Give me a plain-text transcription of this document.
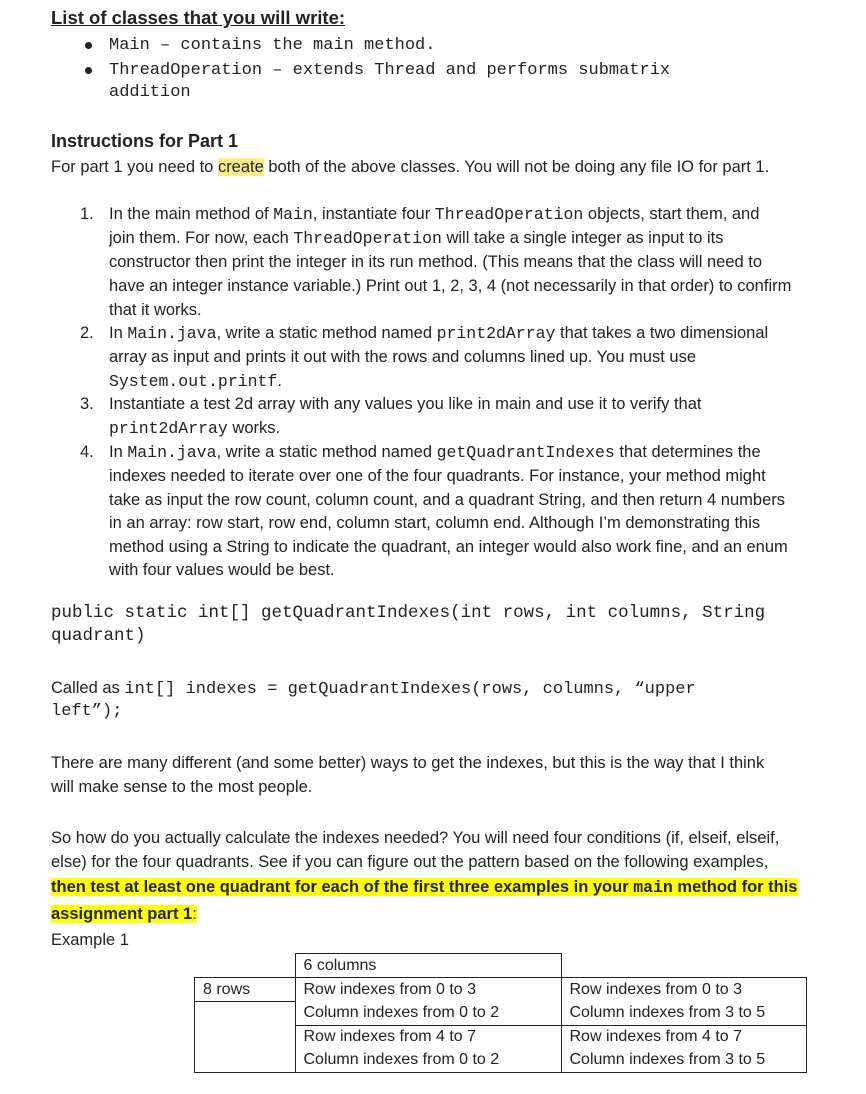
List of classes that you will write:
Main – contains the main method.
ThreadOperation – extends Thread and performs submatrix
addition
Instructions for Part 1
For part 1 you need to create both of the above classes. You will not be doing any file IO for part 1.
1. In the main method of Main, instantiate four ThreadOperation objects, start them, and
join them. For now, each ThreadOperation will take a single integer as input to its
constructor then print the integer in its run method. (This means that the class will need to
have an integer instance variable.) Print out 1, 2, 3, 4 (not necessarily in that order) to confirm
that it works.
2. In Main.java, write a static method named print2dArray that takes a two dimensional
array as input and prints it out with the rows and columns lined up. You must use
System.out.printf.
3. Instantiate a test 2d array with any values you like in main and use it to verify that
print2dArray works.
4. In Main.java, write a static method named getQuadrantIndexes that determines the
indexes needed to iterate over one of the four quadrants. For instance, your method might
take as input the row count, column count, and a quadrant String, and then return 4 numbers
in an array: row start, row end, column start, column end. Although I’m demonstrating this
method using a String to indicate the quadrant, an integer would also work fine, and an enum
with four values would be best.
public static int[] getQuadrantIndexes(int rows, int columns, String
quadrant)
Called as int[] indexes = getQuadrantIndexes(rows, columns, “upper
left”);
There are many different (and some better) ways to get the indexes, but this is the way that I think
will make sense to the most people.
So how do you actually calculate the indexes needed? You will need four conditions (if, elseif, elseif,
else) for the four quadrants. See if you can figure out the pattern based on the following examples,
then test at least one quadrant for each of the first three examples in your main method for this
assignment part 1:
Example 1
	6 columns	
8 rows	Row indexes from 0 to 3	Row indexes from 0 to 3
	Column indexes from 0 to 2	Column indexes from 3 to 5
	Row indexes from 4 to 7	Row indexes from 4 to 7
	Column indexes from 0 to 2	Column indexes from 3 to 5
